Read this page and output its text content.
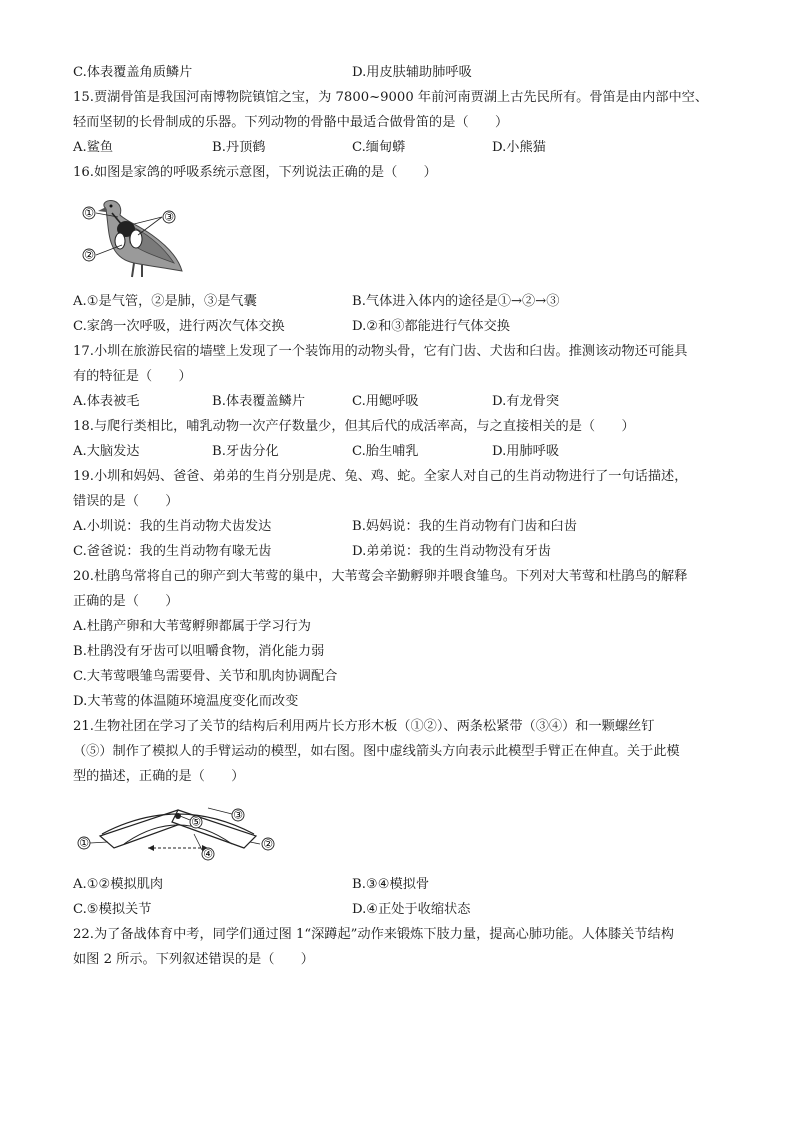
C.体表覆盖角质鳞片	D.用皮肤辅助肺呼吸
15.贾湖骨笛是我国河南博物院镇馆之宝，为 7800~9000 年前河南贾湖上古先民所有。骨笛是由内部中空、
轻而坚韧的长骨制成的乐器。下列动物的骨骼中最适合做骨笛的是（　　）
A.鲨鱼	B.丹顶鹤	C.缅甸蟒	D.小熊猫
16.如图是家鸽的呼吸系统示意图，下列说法正确的是（　　）
①
②
③
A.①是气管，②是肺，③是气囊	B.气体进入体内的途径是①→②→③
C.家鸽一次呼吸，进行两次气体交换	D.②和③都能进行气体交换
17.小圳在旅游民宿的墙壁上发现了一个装饰用的动物头骨，它有门齿、犬齿和臼齿。推测该动物还可能具
有的特征是（　　）
A.体表被毛	B.体表覆盖鳞片	C.用鳃呼吸	D.有龙骨突
18.与爬行类相比，哺乳动物一次产仔数量少，但其后代的成活率高，与之直接相关的是（　　）
A.大脑发达	B.牙齿分化	C.胎生哺乳	D.用肺呼吸
19.小圳和妈妈、爸爸、弟弟的生肖分别是虎、兔、鸡、蛇。全家人对自己的生肖动物进行了一句话描述，
错误的是（　　）
A.小圳说：我的生肖动物犬齿发达	B.妈妈说：我的生肖动物有门齿和臼齿
C.爸爸说：我的生肖动物有喙无齿	D.弟弟说：我的生肖动物没有牙齿
20.杜鹃鸟常将自己的卵产到大苇莺的巢中，大苇莺会辛勤孵卵并喂食雏鸟。下列对大苇莺和杜鹃鸟的解释
正确的是（　　）
A.杜鹃产卵和大苇莺孵卵都属于学习行为
B.杜鹃没有牙齿可以咀嚼食物，消化能力弱
C.大苇莺喂雏鸟需要骨、关节和肌肉协调配合
D.大苇莺的体温随环境温度变化而改变
21.生物社团在学习了关节的结构后利用两片长方形木板（①②）、两条松紧带（③④）和一颗螺丝钉
（⑤）制作了模拟人的手臂运动的模型，如右图。图中虚线箭头方向表示此模型手臂正在伸直。关于此模
型的描述，正确的是（　　）
①	②
③
④
⑤
A.①②模拟肌肉	B.③④模拟骨
C.⑤模拟关节	D.④正处于收缩状态
22.为了备战体育中考，同学们通过图 1“深蹲起”动作来锻炼下肢力量，提高心肺功能。人体膝关节结构
如图 2 所示。下列叙述错误的是（　　）
